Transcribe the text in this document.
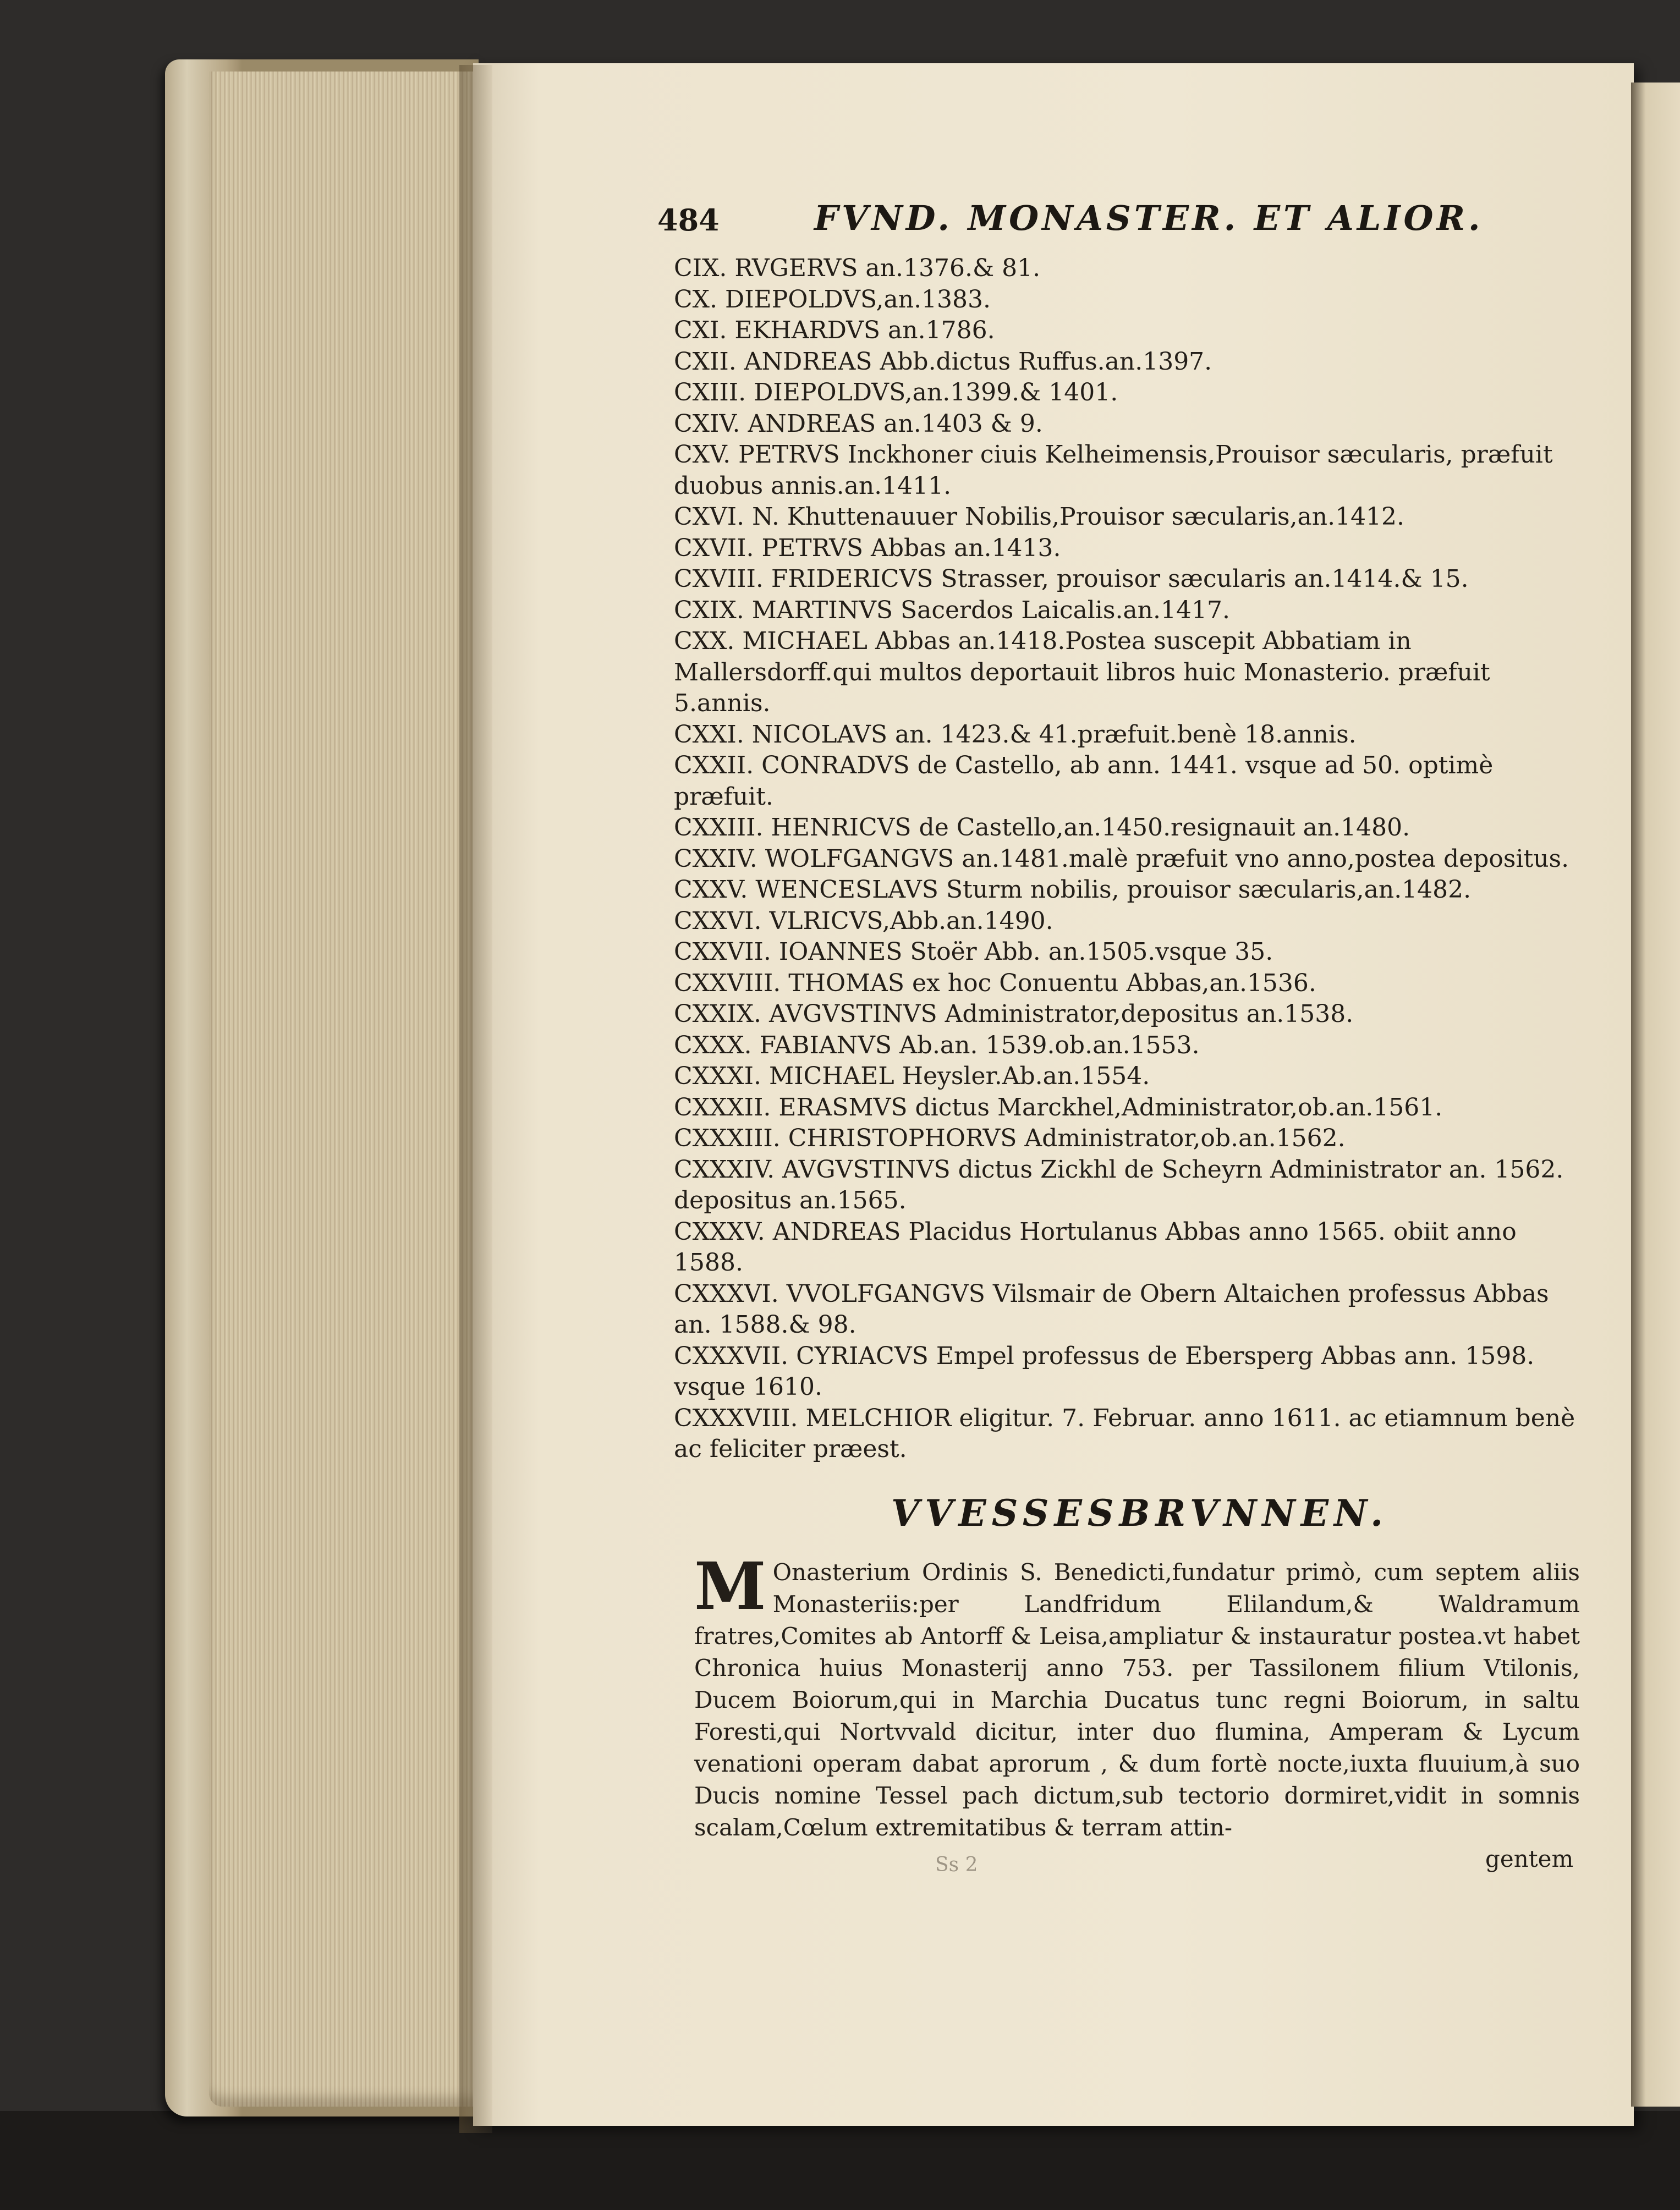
484	FVND. MONASTER. ET ALIOR.
CIX. RVGERVS an.1376.& 81.
CX. DIEPOLDVS,an.1383.
CXI. EKHARDVS an.1786.
CXII. ANDREAS Abb.dictus Ruffus.an.1397.
CXIII. DIEPOLDVS,an.1399.& 1401.
CXIV. ANDREAS an.1403 & 9.
CXV. PETRVS Inckhoner ciuis Kelheimensis,Prouisor sæcularis, præfuit duobus annis.an.1411.
CXVI. N. Khuttenauuer Nobilis,Prouisor sæcularis,an.1412.
CXVII. PETRVS Abbas an.1413.
CXVIII. FRIDERICVS Strasser, prouisor sæcularis an.1414.& 15.
CXIX. MARTINVS Sacerdos Laicalis.an.1417.
CXX. MICHAEL Abbas an.1418.Postea suscepit Abbatiam in Mallersdorff.qui multos deportauit libros huic Monasterio. præfuit 5.annis.
CXXI. NICOLAVS an. 1423.& 41.præfuit.benè 18.annis.
CXXII. CONRADVS de Castello, ab ann. 1441. vsque ad 50. optimè præfuit.
CXXIII. HENRICVS de Castello,an.1450.resignauit an.1480.
CXXIV. WOLFGANGVS an.1481.malè præfuit vno anno,postea depositus.
CXXV. WENCESLAVS Sturm nobilis, prouisor sæcularis,an.1482.
CXXVI. VLRICVS,Abb.an.1490.
CXXVII. IOANNES Stoër Abb. an.1505.vsque 35.
CXXVIII. THOMAS ex hoc Conuentu Abbas,an.1536.
CXXIX. AVGVSTINVS Administrator,depositus an.1538.
CXXX. FABIANVS Ab.an. 1539.ob.an.1553.
CXXXI. MICHAEL Heysler.Ab.an.1554.
CXXXII. ERASMVS dictus Marckhel,Administrator,ob.an.1561.
CXXXIII. CHRISTOPHORVS Administrator,ob.an.1562.
CXXXIV. AVGVSTINVS dictus Zickhl de Scheyrn Administrator an. 1562. depositus an.1565.
CXXXV. ANDREAS Placidus Hortulanus Abbas anno 1565. obiit anno 1588.
CXXXVI. VVOLFGANGVS Vilsmair de Obern Altaichen professus Abbas an. 1588.& 98.
CXXXVII. CYRIACVS Empel professus de Ebersperg Abbas ann. 1598. vsque 1610.
CXXXVIII. MELCHIOR eligitur. 7. Februar. anno 1611. ac etiamnum benè ac feliciter præest.
VVESSESBRVNNEN.
M Onasterium Ordinis S. Benedicti,fundatur primò, cum septem aliis Monasteriis:per Landfridum Elilandum,& Waldramum fratres,Comites ab Antorff & Leisa,ampliatur & instauratur postea.vt habet Chronica huius Monasterij anno 753. per Tassilonem filium Vtilonis, Ducem Boiorum,qui in Marchia Ducatus tunc regni Boiorum, in saltu Foresti,qui Nortvvald dicitur, inter duo flumina, Amperam & Lycum venationi operam dabat aprorum , & dum fortè nocte,iuxta fluuium,à suo Ducis nomine Tessel pach dictum,sub tectorio dormiret,vidit in somnis scalam,Cœlum extremitatibus & terram attin-
gentem
Ss 2
